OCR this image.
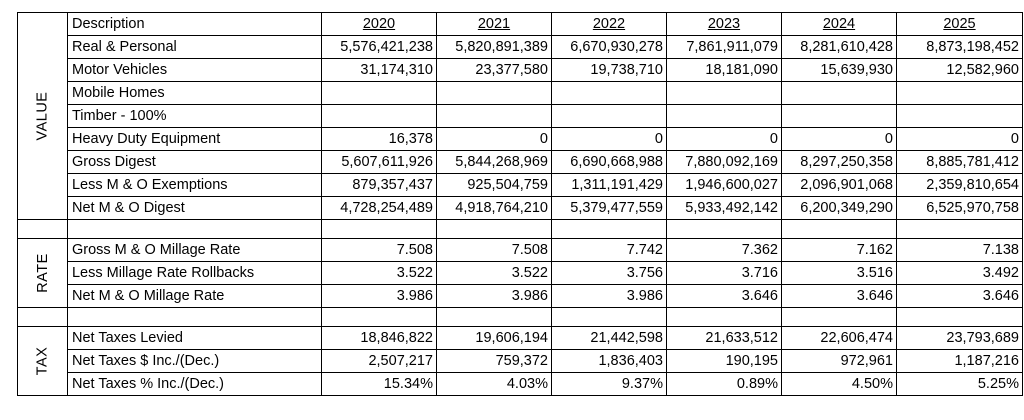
VALUE	Description	2020	2021	2022	2023	2024	2025
	Real & Personal	5,576,421,238	5,820,891,389	6,670,930,278	7,861,911,079	8,281,610,428	8,873,198,452
	Motor Vehicles	31,174,310	23,377,580	19,738,710	18,181,090	15,639,930	12,582,960
	Mobile Homes						
	Timber - 100%						
	Heavy Duty Equipment	16,378	0	0	0	0	0
	Gross Digest	5,607,611,926	5,844,268,969	6,690,668,988	7,880,092,169	8,297,250,358	8,885,781,412
	Less M & O Exemptions	879,357,437	925,504,759	1,311,191,429	1,946,600,027	2,096,901,068	2,359,810,654
	Net M & O Digest	4,728,254,489	4,918,764,210	5,379,477,559	5,933,492,142	6,200,349,290	6,525,970,758

RATE	Gross M & O Millage Rate	7.508	7.508	7.742	7.362	7.162	7.138
	Less Millage Rate Rollbacks	3.522	3.522	3.756	3.716	3.516	3.492
	Net M & O Millage Rate	3.986	3.986	3.986	3.646	3.646	3.646

TAX	Net Taxes Levied	18,846,822	19,606,194	21,442,598	21,633,512	22,606,474	23,793,689
	Net Taxes $ Inc./(Dec.)	2,507,217	759,372	1,836,403	190,195	972,961	1,187,216
	Net Taxes % Inc./(Dec.)	15.34%	4.03%	9.37%	0.89%	4.50%	5.25%
